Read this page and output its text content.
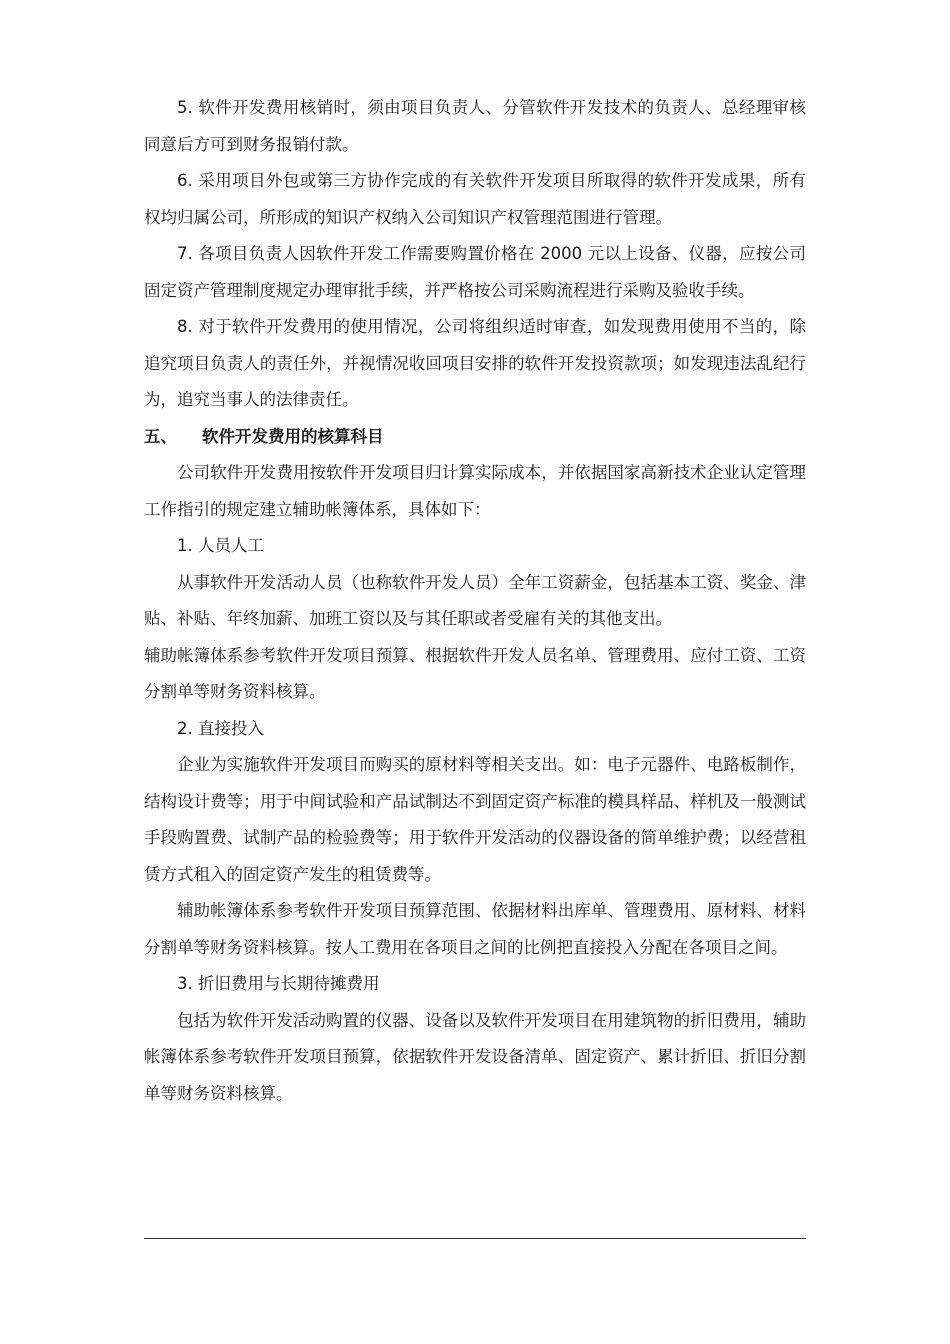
5. 软件开发费用核销时，须由项目负责人、分管软件开发技术的负责人、总经理审核同意后方可到财务报销付款。

6. 采用项目外包或第三方协作完成的有关软件开发项目所取得的软件开发成果，所有权均归属公司，所形成的知识产权纳入公司知识产权管理范围进行管理。

7. 各项目负责人因软件开发工作需要购置价格在 2000 元以上设备、仪器，应按公司固定资产管理制度规定办理审批手续，并严格按公司采购流程进行采购及验收手续。

8. 对于软件开发费用的使用情况，公司将组织适时审查，如发现费用使用不当的，除追究项目负责人的责任外，并视情况收回项目安排的软件开发投资款项；如发现违法乱纪行为，追究当事人的法律责任。

五、	软件开发费用的核算科目

公司软件开发费用按软件开发项目归计算实际成本，并依据国家高新技术企业认定管理工作指引的规定建立辅助帐簿体系，具体如下：

1. 人员人工

从事软件开发活动人员（也称软件开发人员）全年工资薪金，包括基本工资、奖金、津贴、补贴、年终加薪、加班工资以及与其任职或者受雇有关的其他支出。

辅助帐簿体系参考软件开发项目预算、根据软件开发人员名单、管理费用、应付工资、工资分割单等财务资料核算。

2. 直接投入

企业为实施软件开发项目而购买的原材料等相关支出。如：电子元器件、电路板制作，结构设计费等；用于中间试验和产品试制达不到固定资产标准的模具样品、样机及一般测试手段购置费、试制产品的检验费等；用于软件开发活动的仪器设备的简单维护费；以经营租赁方式租入的固定资产发生的租赁费等。

辅助帐簿体系参考软件开发项目预算范围、依据材料出库单、管理费用、原材料、材料分割单等财务资料核算。按人工费用在各项目之间的比例把直接投入分配在各项目之间。

3. 折旧费用与长期待摊费用

包括为软件开发活动购置的仪器、设备以及软件开发项目在用建筑物的折旧费用，辅助帐簿体系参考软件开发项目预算，依据软件开发设备清单、固定资产、累计折旧、折旧分割单等财务资料核算。
